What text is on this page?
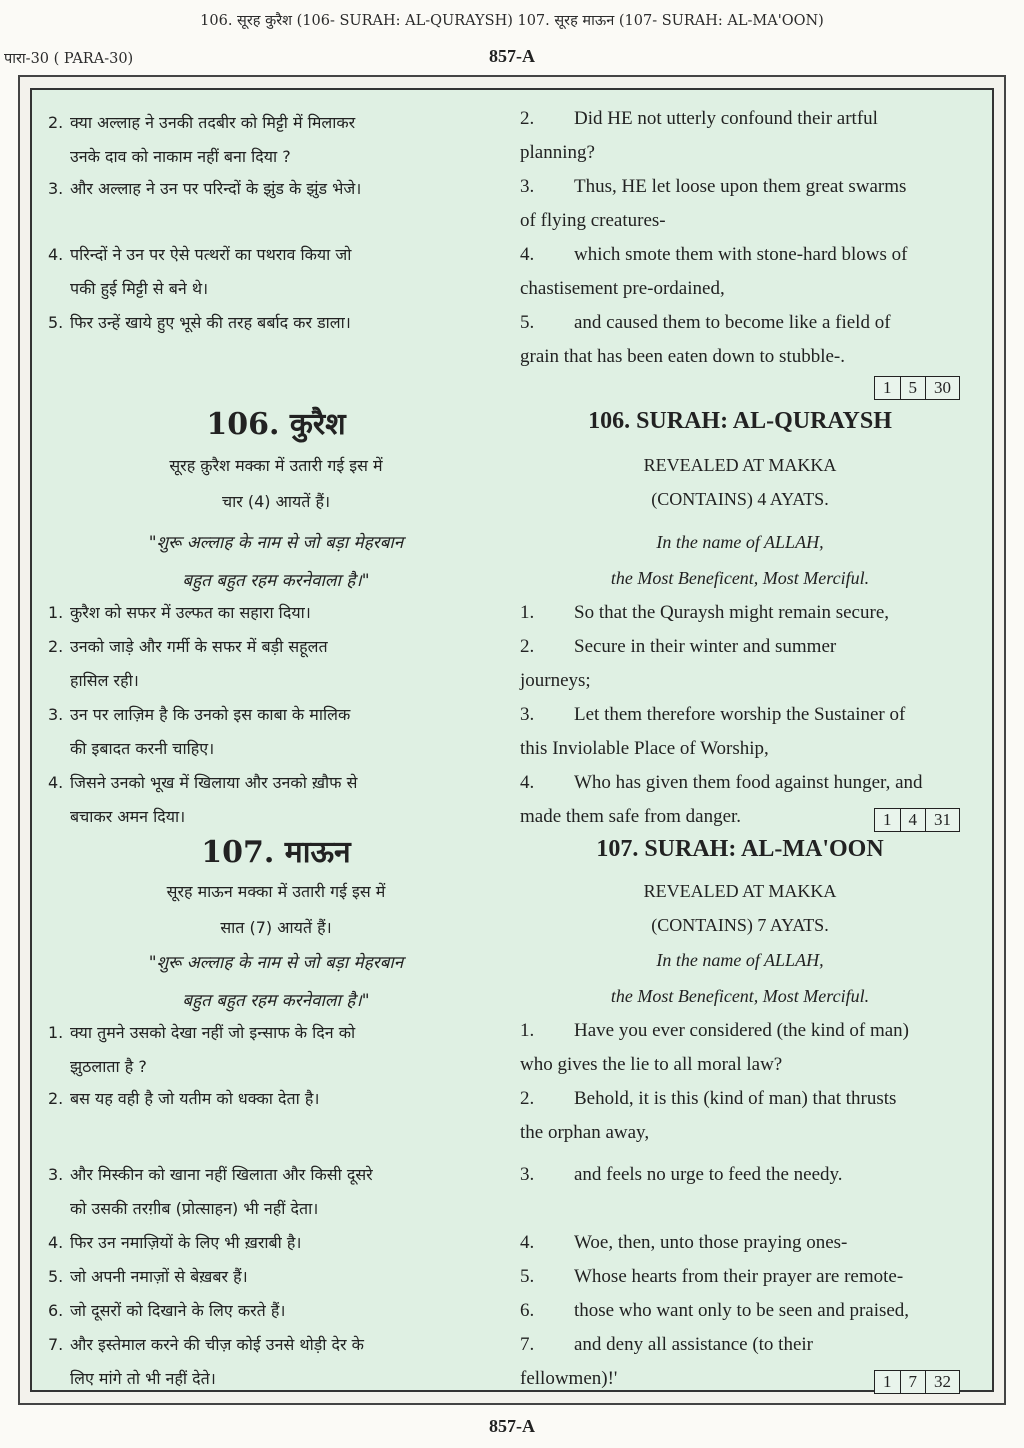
106. सूरह कुरैश (106- SURAH: AL-QURAYSH) 107. सूरह माऊन (107- SURAH: AL-MA'OON)
पारा-30 ( PARA-30)	857-A
2. क्या अल्लाह ने उनकी तदबीर को मिट्टी में मिलाकर
उनके दाव को नाकाम नहीं बना दिया ?
3. और अल्लाह ने उन पर परिन्दों के झुंड के झुंड भेजे।
4. परिन्दों ने उन पर ऐसे पत्थरों का पथराव किया जो
पकी हुई मिट्टी से बने थे।
5. फिर उन्हें खाये हुए भूसे की तरह बर्बाद कर डाला।
106. कुरैश
सूरह क़ुरैश मक्का में उतारी गई इस में
चार (4) आयतें हैं।
"शुरू अल्लाह के नाम से जो बड़ा मेहरबान
बहुत बहुत रहम करनेवाला है।"
1. कुरैश को सफर में उल्फत का सहारा दिया।
2. उनको जाड़े और गर्मी के सफर में बड़ी सहूलत
हासिल रही।
3. उन पर लाज़िम है कि उनको इस काबा के मालिक
की इबादत करनी चाहिए।
4. जिसने उनको भूख में खिलाया और उनको ख़ौफ से
बचाकर अमन दिया।
107. माऊन
सूरह माऊन मक्का में उतारी गई इस में
सात (7) आयतें हैं।
"शुरू अल्लाह के नाम से जो बड़ा मेहरबान
बहुत बहुत रहम करनेवाला है।"
1. क्या तुमने उसको देखा नहीं जो इन्साफ के दिन को
झुठलाता है ?
2. बस यह वही है जो यतीम को धक्का देता है।
3. और मिस्कीन को खाना नहीं खिलाता और किसी दूसरे
को उसकी तरग़ीब (प्रोत्साहन) भी नहीं देता।
4. फिर उन नमाज़ियों के लिए भी ख़राबी है।
5. जो अपनी नमाज़ों से बेख़बर हैं।
6. जो दूसरों को दिखाने के लिए करते हैं।
7. और इस्तेमाल करने की चीज़ कोई उनसे थोड़ी देर के
लिए मांगे तो भी नहीं देते।
2.	Did HE not utterly confound their artful
planning?
3.	Thus, HE let loose upon them great swarms
of flying creatures-
4.	which smote them with stone-hard blows of
chastisement pre-ordained,
5.	and caused them to become like a field of
grain that has been eaten down to stubble-.
1	5	30
106. SURAH: AL-QURAYSH
REVEALED AT MAKKA
(CONTAINS) 4 AYATS.
In the name of ALLAH,
the Most Beneficent, Most Merciful.
1.	So that the Quraysh might remain secure,
2.	Secure in their winter and summer
journeys;
3.	Let them therefore worship the Sustainer of
this Inviolable Place of Worship,
4.	Who has given them food against hunger, and
made them safe from danger.	1	4	31
107. SURAH: AL-MA'OON
REVEALED AT MAKKA
(CONTAINS) 7 AYATS.
In the name of ALLAH,
the Most Beneficent, Most Merciful.
1.	Have you ever considered (the kind of man)
who gives the lie to all moral law?
2.	Behold, it is this (kind of man) that thrusts
the orphan away,
3.	and feels no urge to feed the needy.
4.	Woe, then, unto those praying ones-
5.	Whose hearts from their prayer are remote-
6.	those who want only to be seen and praised,
7.	and deny all assistance (to their
fellowmen)!'	1	7	32
857-A
